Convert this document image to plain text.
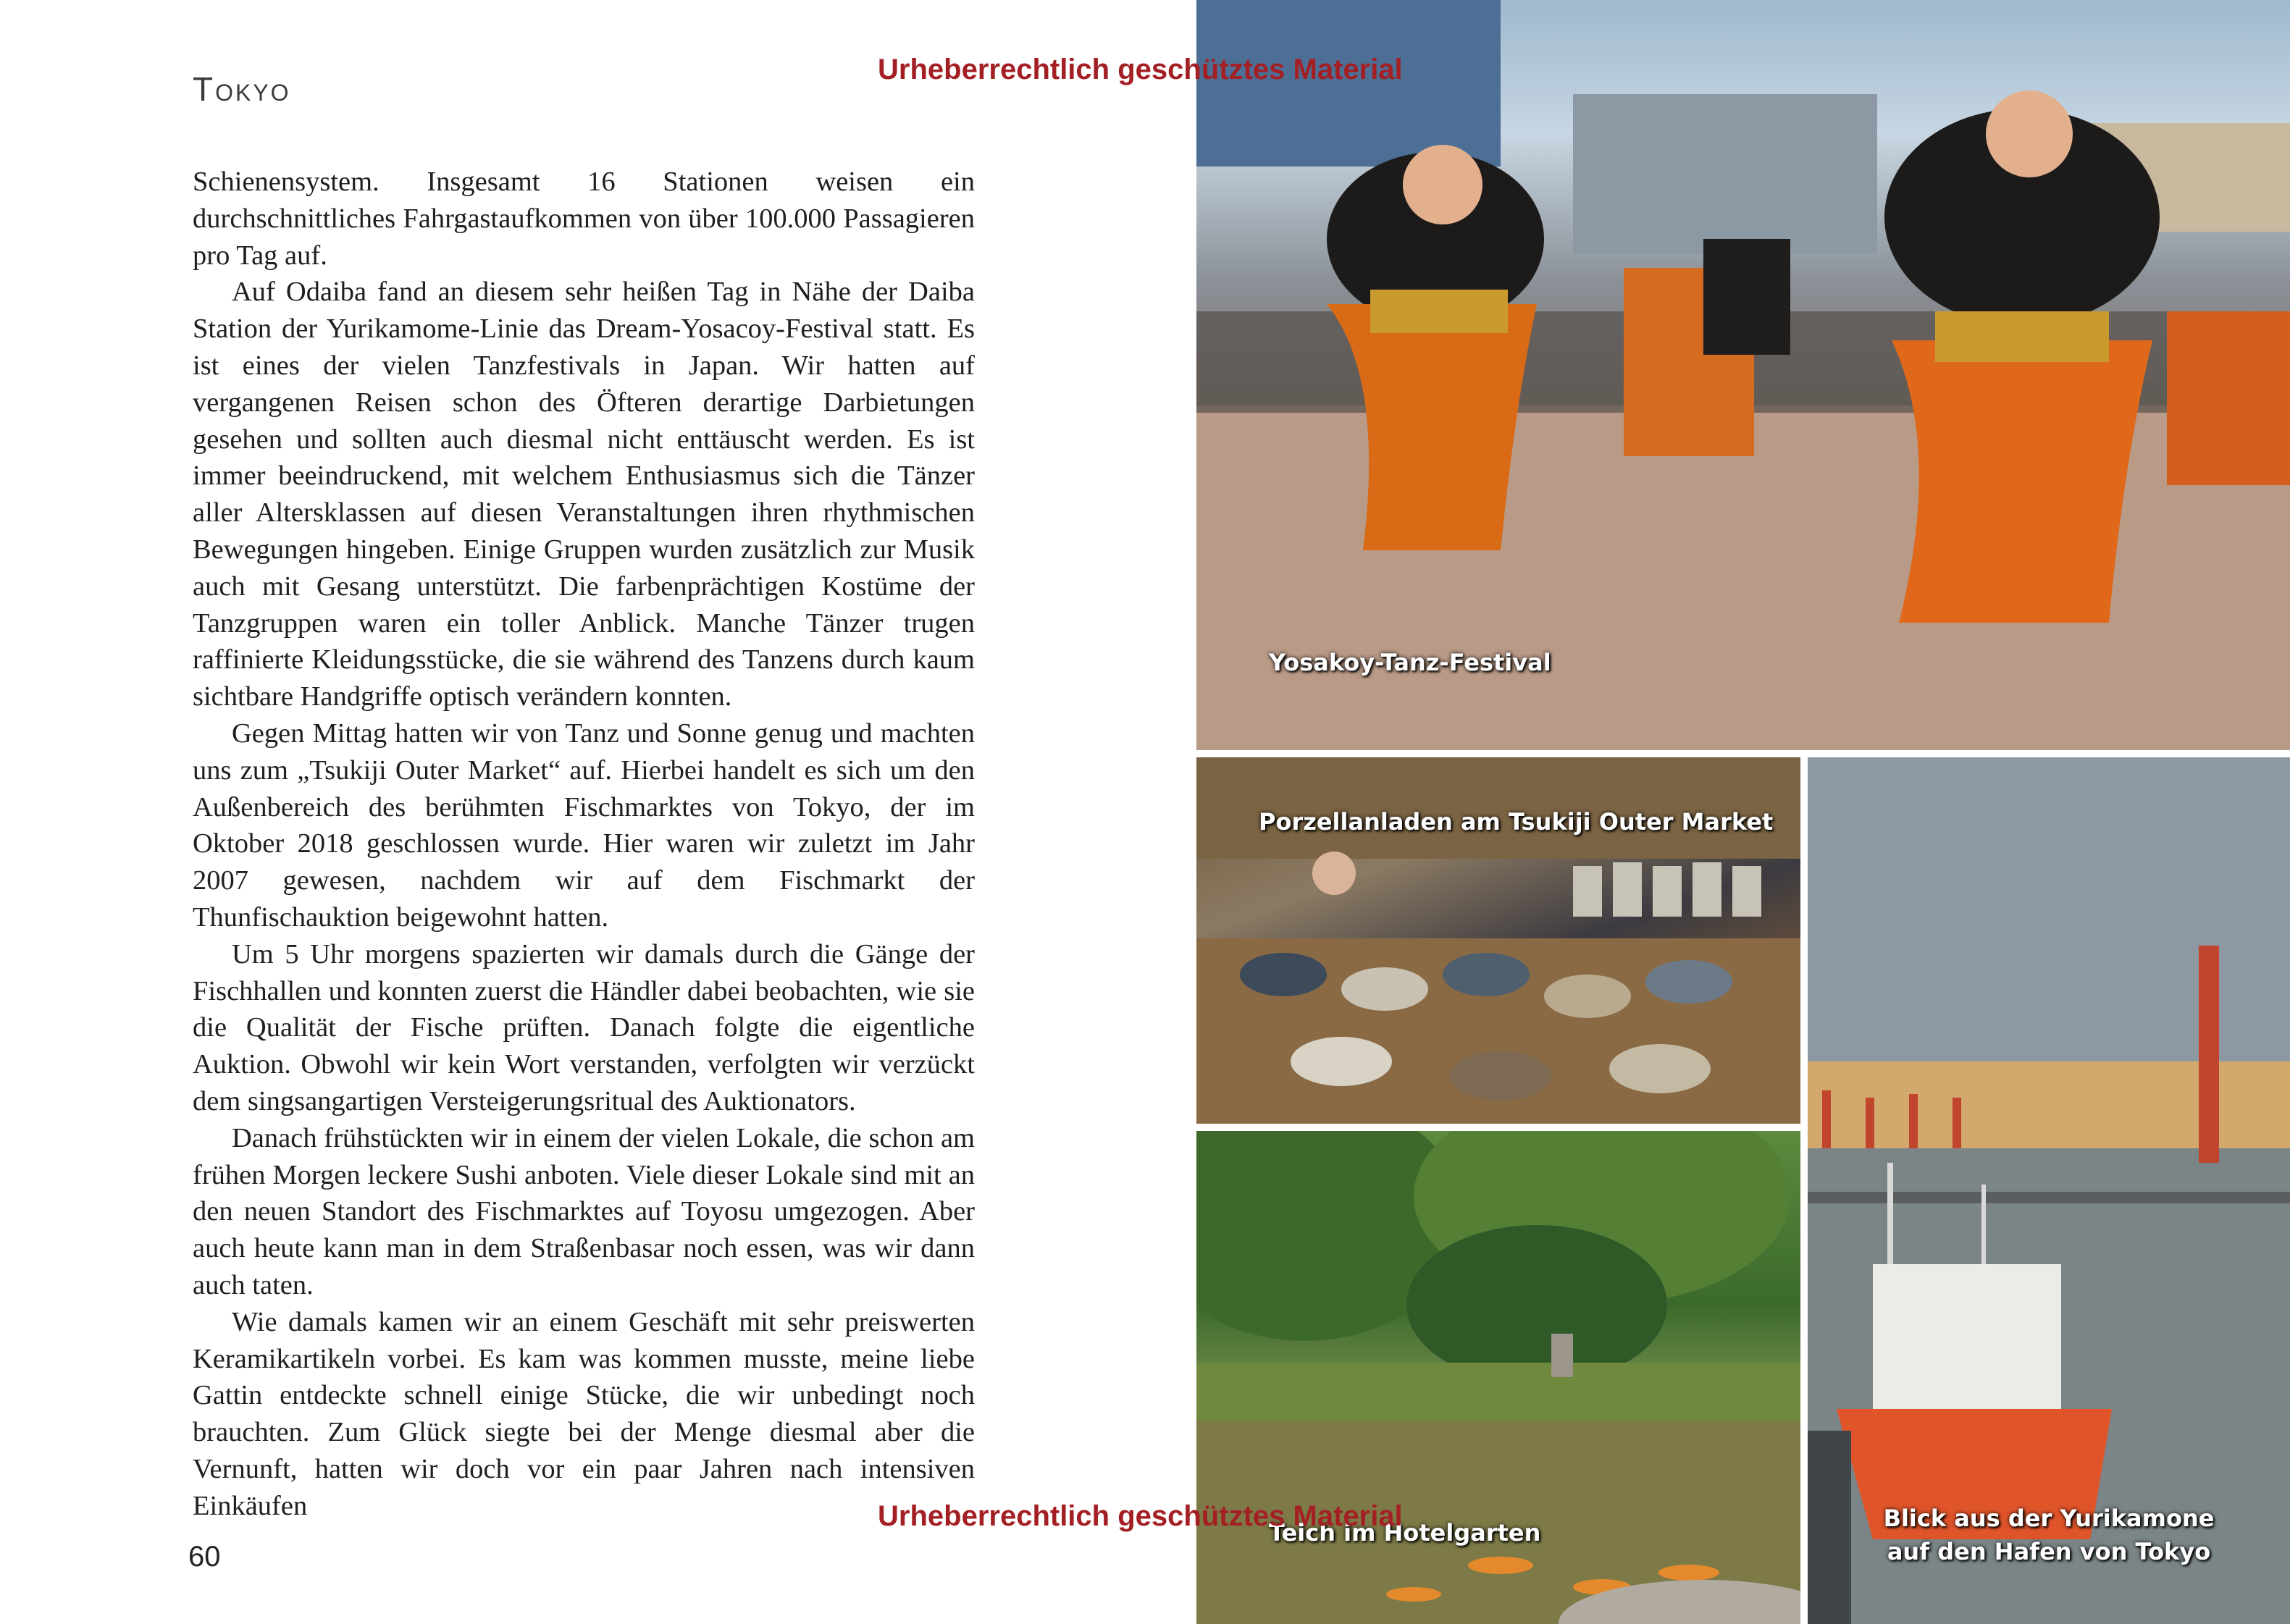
Tokyo

Schienensystem. Insgesamt 16 Stationen weisen ein durchschnittliches Fahrgastaufkommen von über 100.000 Passagieren pro Tag auf.

Auf Odaiba fand an diesem sehr heißen Tag in Nähe der Daiba Station der Yurikamome-Linie das Dream-Yosacoy-Festival statt. Es ist eines der vielen Tanzfestivals in Japan. Wir hatten auf vergangenen Reisen schon des Öfteren derartige Darbietungen gesehen und sollten auch diesmal nicht enttäuscht werden. Es ist immer beeindruckend, mit welchem Enthusiasmus sich die Tänzer aller Altersklassen auf diesen Veranstaltungen ihren rhythmischen Bewegungen hingeben. Einige Gruppen wurden zusätzlich zur Musik auch mit Gesang unterstützt. Die farbenprächtigen Kostüme der Tanzgruppen waren ein toller Anblick. Manche Tänzer trugen raffinierte Kleidungsstücke, die sie während des Tanzens durch kaum sichtbare Handgriffe optisch verändern konnten.

Gegen Mittag hatten wir von Tanz und Sonne genug und machten uns zum „Tsukiji Outer Market“ auf. Hierbei handelt es sich um den Außenbereich des berühmten Fischmarktes von Tokyo, der im Oktober 2018 geschlossen wurde. Hier waren wir zuletzt im Jahr 2007 gewesen, nachdem wir auf dem Fischmarkt der Thunfischauktion beigewohnt hatten.

Um 5 Uhr morgens spazierten wir damals durch die Gänge der Fischhallen und konnten zuerst die Händler dabei beobachten, wie sie die Qualität der Fische prüften. Danach folgte die eigentliche Auktion. Obwohl wir kein Wort verstanden, verfolgten wir verzückt dem singsangartigen Versteigerungsritual des Auktionators.

Danach frühstückten wir in einem der vielen Lokale, die schon am frühen Morgen leckere Sushi anboten. Viele dieser Lokale sind mit an den neuen Standort des Fischmarktes auf Toyosu umgezogen. Aber auch heute kann man in dem Straßenbasar noch essen, was wir dann auch taten.

Wie damals kamen wir an einem Geschäft mit sehr preiswerten Keramikartikeln vorbei. Es kam was kommen musste, meine liebe Gattin entdeckte schnell einige Stücke, die wir unbedingt noch brauchten. Zum Glück siegte bei der Menge diesmal aber die Vernunft, hatten wir doch vor ein paar Jahren nach intensiven Einkäufen

60
Yosakoy-Tanz-Festival
Porzellanladen am Tsukiji Outer Market
Teich im Hotelgarten
Blick aus der Yurikamone
auf den Hafen von Tokyo
Urheberrechtlich geschütztes Material
Urheberrechtlich geschütztes Material
